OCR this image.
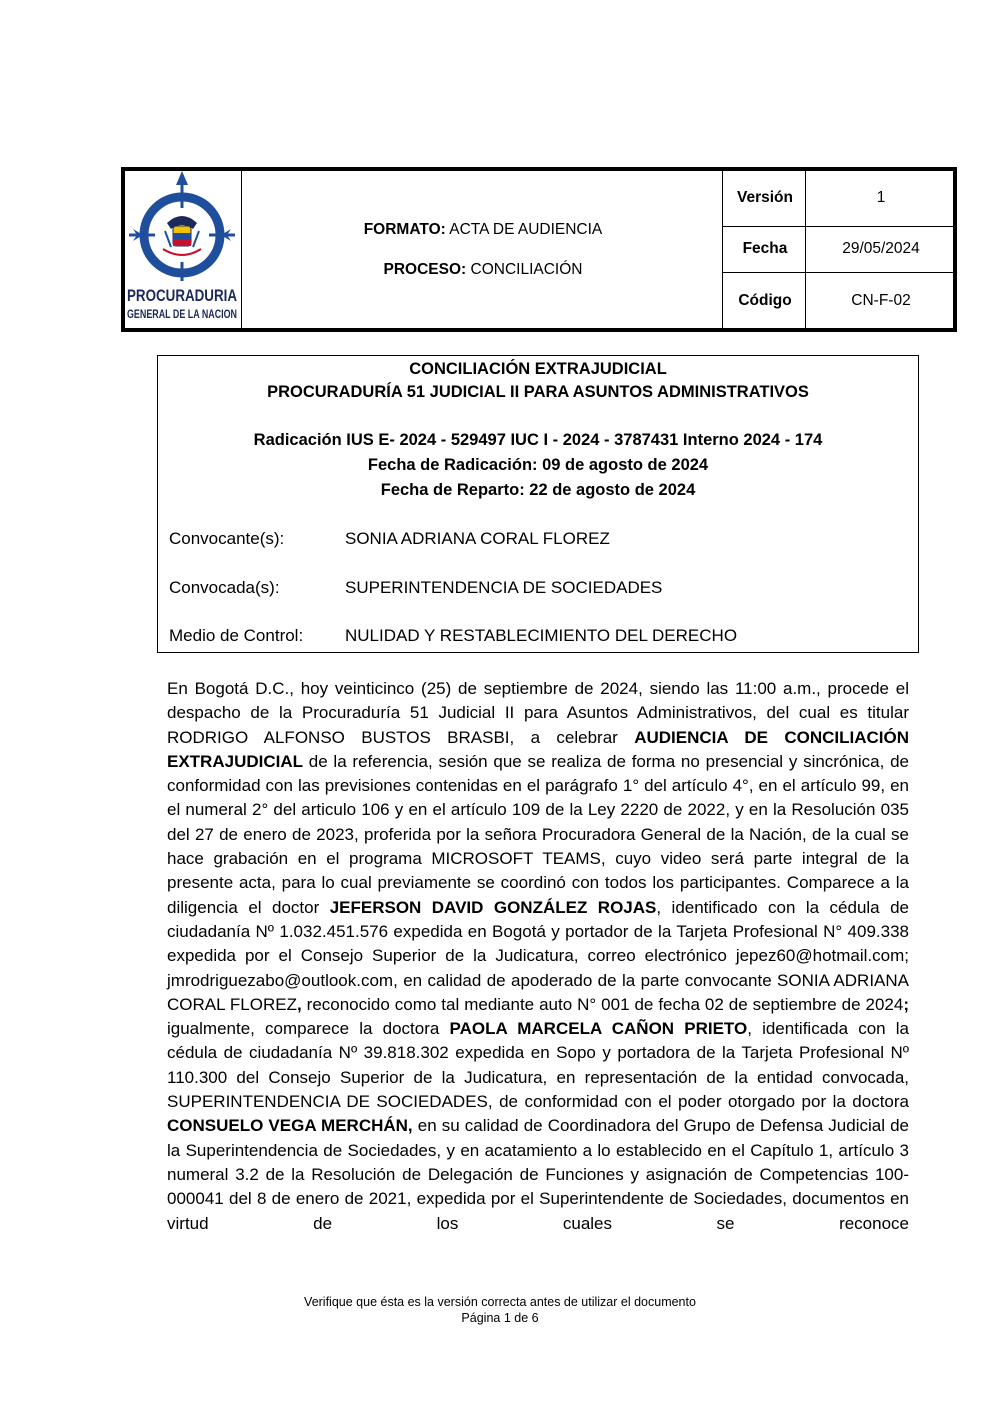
PROCURADURIA
GENERAL DE LA NACION
FORMATO: ACTA DE AUDIENCIA
PROCESO: CONCILIACIÓN
Versión	1
Fecha	29/05/2024
Código	CN-F-02
CONCILIACIÓN EXTRAJUDICIAL
PROCURADURÍA 51 JUDICIAL II PARA ASUNTOS ADMINISTRATIVOS
Radicación IUS E- 2024 - 529497 IUC I - 2024 - 3787431 Interno 2024 - 174
Fecha de Radicación: 09 de agosto de 2024
Fecha de Reparto: 22 de agosto de 2024
Convocante(s):	SONIA ADRIANA CORAL FLOREZ
Convocada(s):	SUPERINTENDENCIA DE SOCIEDADES
Medio de Control: NULIDAD Y RESTABLECIMIENTO DEL DERECHO

En Bogotá D.C., hoy veinticinco (25) de septiembre de 2024, siendo las 11:00 a.m., procede el despacho de la Procuraduría 51 Judicial II para Asuntos Administrativos, del cual es titular RODRIGO ALFONSO BUSTOS BRASBI, a celebrar AUDIENCIA DE CONCILIACIÓN EXTRAJUDICIAL de la referencia, sesión que se realiza de forma no presencial y sincrónica, de conformidad con las previsiones contenidas en el parágrafo 1° del artículo 4°, en el artículo 99, en el numeral 2° del articulo 106 y en el artículo 109 de la Ley 2220 de 2022, y en la Resolución 035 del 27 de enero de 2023, proferida por la señora Procuradora General de la Nación, de la cual se hace grabación en el programa MICROSOFT TEAMS, cuyo video será parte integral de la presente acta, para lo cual previamente se coordinó con todos los participantes. Comparece a la diligencia el doctor JEFERSON DAVID GONZÁLEZ ROJAS, identificado con la cédula de ciudadanía Nº 1.032.451.576 expedida en Bogotá y portador de la Tarjeta Profesional N° 409.338 expedida por el Consejo Superior de la Judicatura, correo electrónico jepez60@hotmail.com; jmrodriguezabo@outlook.com, en calidad de apoderado de la parte convocante SONIA ADRIANA CORAL FLOREZ, reconocido como tal mediante auto N° 001 de fecha 02 de septiembre de 2024; igualmente, comparece la doctora PAOLA MARCELA CAÑON PRIETO, identificada con la cédula de ciudadanía Nº 39.818.302 expedida en Sopo y portadora de la Tarjeta Profesional Nº 110.300 del Consejo Superior de la Judicatura, en representación de la entidad convocada, SUPERINTENDENCIA DE SOCIEDADES, de conformidad con el poder otorgado por la doctora CONSUELO VEGA MERCHÁN, en su calidad de Coordinadora del Grupo de Defensa Judicial de la Superintendencia de Sociedades, y en acatamiento a lo establecido en el Capítulo 1, artículo 3 numeral 3.2 de la Resolución de Delegación de Funciones y asignación de Competencias 100-000041 del 8 de enero de 2021, expedida por el Superintendente de Sociedades, documentos en virtud de los cuales se reconoce

Verifique que ésta es la versión correcta antes de utilizar el documento
Página 1 de 6
